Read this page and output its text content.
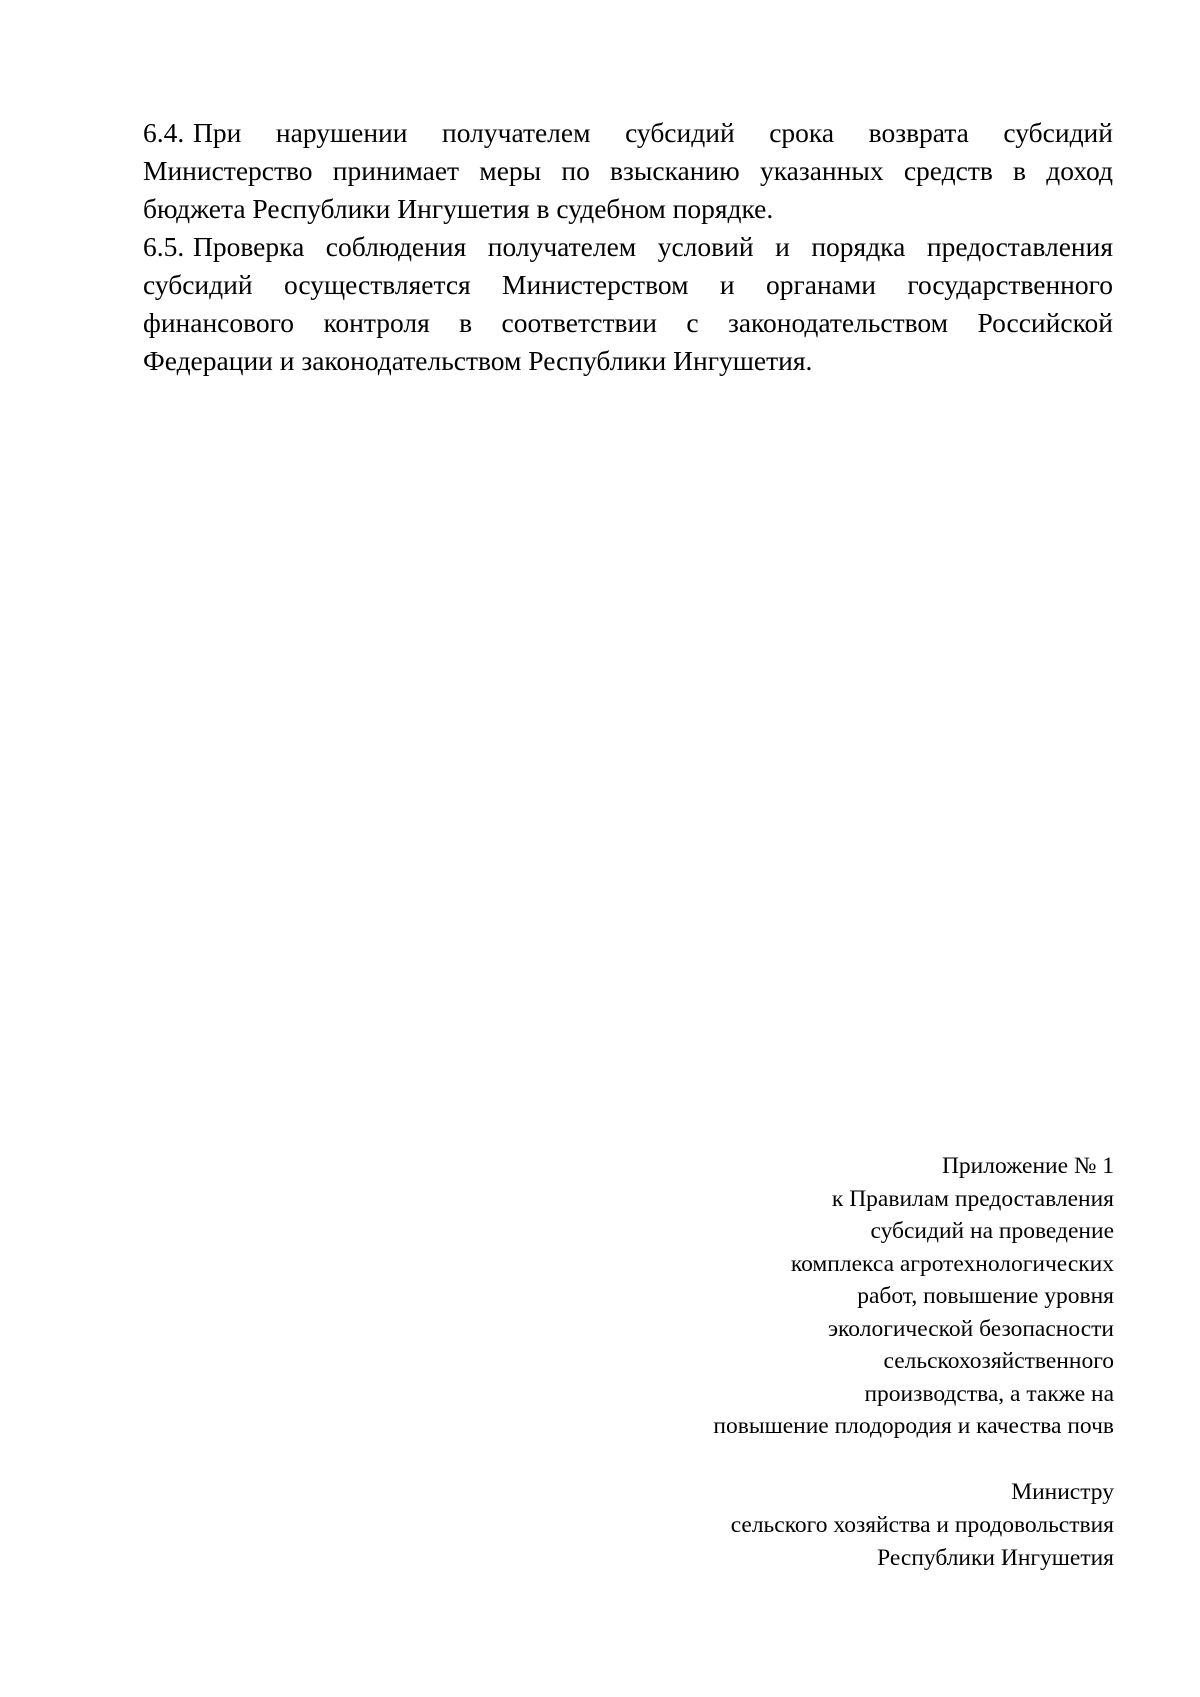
6.4. При нарушении получателем субсидий срока возврата субсидий Министерство принимает меры по взысканию указанных средств в доход бюджета Республики Ингушетия в судебном порядке.

6.5. Проверка соблюдения получателем условий и порядка предоставления субсидий осуществляется Министерством и органами государственного финансового контроля в соответствии с законодательством Российской Федерации и законодательством Республики Ингушетия.

Приложение № 1
к Правилам предоставления
субсидий на проведение
комплекса агротехнологических
работ, повышение уровня
экологической безопасности
сельскохозяйственного
производства, а также на
повышение плодородия и качества почв
Министру
сельского хозяйства и продовольствия
Республики Ингушетия
